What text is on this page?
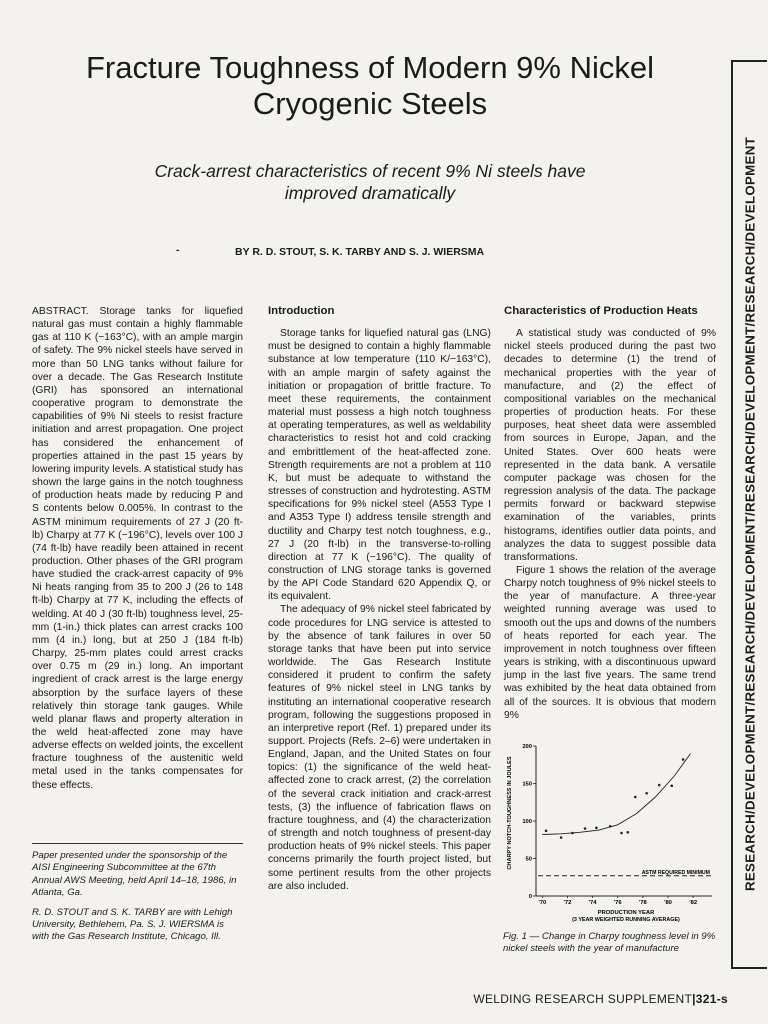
Fracture Toughness of Modern 9% Nickel
Cryogenic Steels
Crack-arrest characteristics of recent 9% Ni steels have
improved dramatically
-	BY R. D. STOUT, S. K. TARBY AND S. J. WIERSMA

ABSTRACT. Storage tanks for liquefied natural gas must contain a highly flammable gas at 110 K (−163°C), with an ample margin of safety. The 9% nickel steels have served in more than 50 LNG tanks without failure for over a decade. The Gas Research Institute (GRI) has sponsored an international cooperative program to demonstrate the capabilities of 9% Ni steels to resist fracture initiation and arrest propagation. One project has considered the enhancement of properties attained in the past 15 years by lowering impurity levels. A statistical study has shown the large gains in the notch toughness of production heats made by reducing P and S contents below 0.005%. In contrast to the ASTM minimum requirements of 27 J (20 ft-lb) Charpy at 77 K (−196°C), levels over 100 J (74 ft-lb) have readily been attained in recent production. Other phases of the GRI program have studied the crack-arrest capacity of 9% Ni heats ranging from 35 to 200 J (26 to 148 ft-lb) Charpy at 77 K, including the effects of welding. At 40 J (30 ft-lb) toughness level, 25-mm (1-in.) thick plates can arrest cracks 100 mm (4 in.) long, but at 250 J (184 ft-lb) Charpy, 25-mm plates could arrest cracks over 0.75 m (29 in.) long. An important ingredient of crack arrest is the large energy absorption by the surface layers of these relatively thin storage tank gauges. While weld planar flaws and property alteration in the weld heat-affected zone may have adverse effects on welded joints, the excellent fracture toughness of the austenitic weld metal used in the tanks compensates for these effects.

Paper presented under the sponsorship of the AISI Engineering Subcommittee at the 67th Annual AWS Meeting, held April 14–18, 1986, in Atlanta, Ga.

R. D. STOUT and S. K. TARBY are with Lehigh University, Bethlehem, Pa. S. J. WIERSMA is with the Gas Research Institute, Chicago, Ill.

Introduction

Storage tanks for liquefied natural gas (LNG) must be designed to contain a highly flammable substance at low temperature (110 K/−163°C), with an ample margin of safety against the initiation or propagation of brittle fracture. To meet these requirements, the containment material must possess a high notch toughness at operating temperatures, as well as weldability characteristics to resist hot and cold cracking and embrittlement of the heat-affected zone. Strength requirements are not a problem at 110 K, but must be adequate to withstand the stresses of construction and hydrotesting. ASTM specifications for 9% nickel steel (A553 Type I and A353 Type I) address tensile strength and ductility and Charpy test notch toughness, e.g., 27 J (20 ft-lb) in the transverse-to-rolling direction at 77 K (−196°C). The quality of construction of LNG storage tanks is governed by the API Code Standard 620 Appendix Q, or its equivalent.

The adequacy of 9% nickel steel fabricated by code procedures for LNG service is attested to by the absence of tank failures in over 50 storage tanks that have been put into service worldwide. The Gas Research Institute considered it prudent to confirm the safety features of 9% nickel steel in LNG tanks by instituting an international cooperative research program, following the suggestions proposed in an interpretive report (Ref. 1) prepared under its support. Projects (Refs. 2–6) were undertaken in England, Japan, and the United States on four topics: (1) the significance of the weld heat-affected zone to crack arrest, (2) the correlation of the several crack initiation and crack-arrest tests, (3) the influence of fabrication flaws on fracture toughness, and (4) the characterization of strength and notch toughness of present-day production heats of 9% nickel steels. This paper concerns primarily the fourth project listed, but some pertinent results from the other projects are also included.

Characteristics of Production Heats

A statistical study was conducted of 9% nickel steels produced during the past two decades to determine (1) the trend of mechanical properties with the year of manufacture, and (2) the effect of compositional variables on the mechanical properties of production heats. For these purposes, heat sheet data were assembled from sources in Europe, Japan, and the United States. Over 600 heats were represented in the data bank. A versatile computer package was chosen for the regression analysis of the data. The package permits forward or backward stepwise examination of the variables, prints histograms, identifies outlier data points, and analyzes the data to suggest possible data transformations.

Figure 1 shows the relation of the average Charpy notch toughness of 9% nickel steels to the year of manufacture. A three-year weighted running average was used to smooth out the ups and downs of the numbers of heats reported for each year. The improvement in notch toughness over fifteen years is striking, with a discontinuous upward jump in the last five years. The same trend was exhibited by the heat data obtained from all of the sources. It is obvious that modern 9%

CHARPY NOTCH-TOUGHNESS IN JOULES
PRODUCTION YEAR
(3 YEAR WEIGHTED RUNNING AVERAGE)
0
50
100
150
200
'70	'72	'74	'76	'78	'80	'82
ASTM REQUIRED MINIMUM
Fig. 1 — Change in Charpy toughness level in 9% nickel steels with the year of manufacture
WELDING RESEARCH SUPPLEMENT|321-s
RESEARCH/DEVELOPMENT/RESEARCH/DEVELOPMENT/RESEARCH/DEVELOPMENT/RESEARCH/DEVELOPMENT
